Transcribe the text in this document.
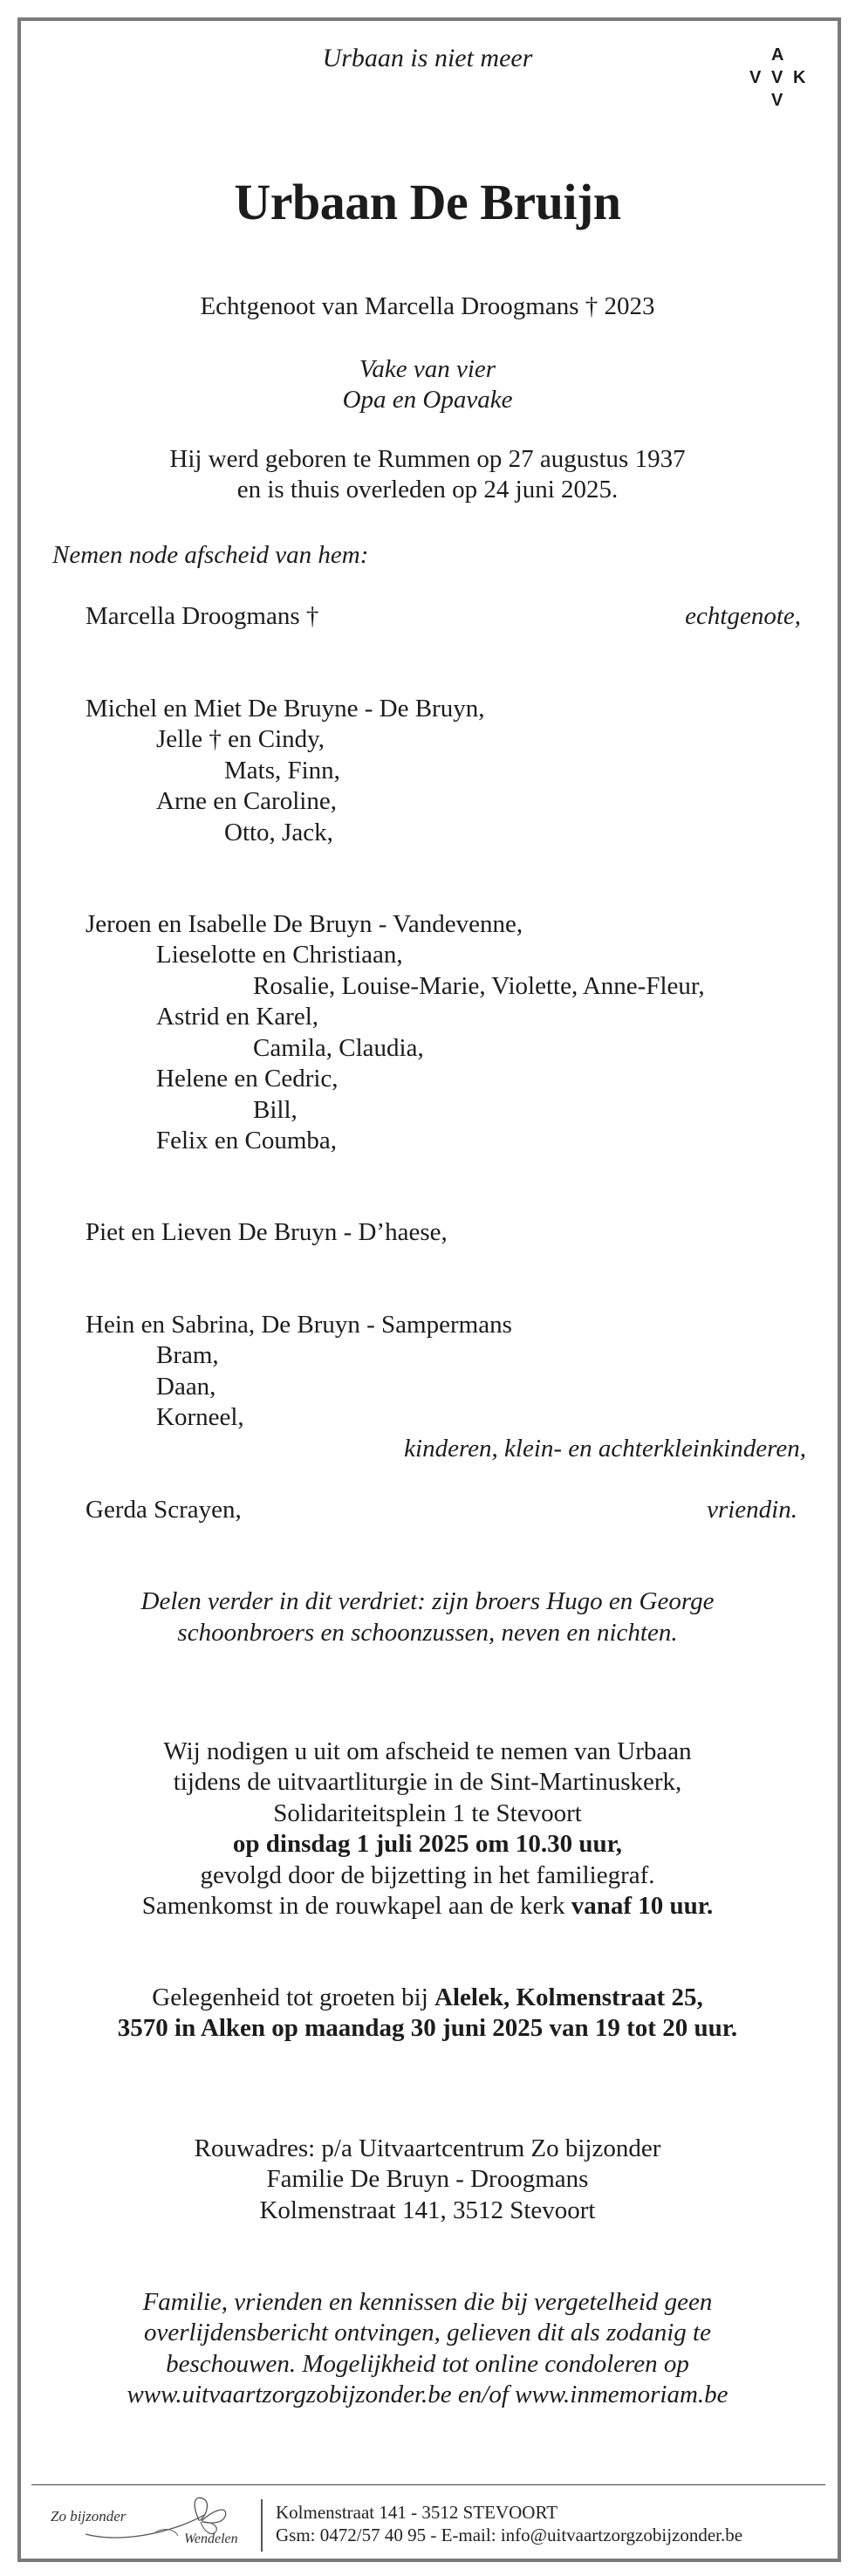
Urbaan is niet meer	A
V V K
V
Urbaan De Bruijn

Echtgenoot van Marcella Droogmans † 2023

Vake van vier

Opa en Opavake

Hij werd geboren te Rummen op 27 augustus 1937

en is thuis overleden op 24 juni 2025.

Nemen node afscheid van hem:

Marcella Droogmans †	echtgenote,

Michel en Miet De Bruyne - De Bruyn,

Jelle † en Cindy,

Mats, Finn,

Arne en Caroline,

Otto, Jack,

Jeroen en Isabelle De Bruyn - Vandevenne,

Lieselotte en Christiaan,

Rosalie, Louise-Marie, Violette, Anne-Fleur,

Astrid en Karel,

Camila, Claudia,

Helene en Cedric,

Bill,

Felix en Coumba,

Piet en Lieven De Bruyn - D’haese,

Hein en Sabrina, De Bruyn - Sampermans

Bram,

Daan,

Korneel,

kinderen, klein- en achterkleinkinderen,

Gerda Scrayen,	vriendin.

Delen verder in dit verdriet: zijn broers Hugo en George

schoonbroers en schoonzussen, neven en nichten.

Wij nodigen u uit om afscheid te nemen van Urbaan

tijdens de uitvaartliturgie in de Sint-Martinuskerk,

Solidariteitsplein 1 te Stevoort

op dinsdag 1 juli 2025 om 10.30 uur,

gevolgd door de bijzetting in het familiegraf.

Samenkomst in de rouwkapel aan de kerk vanaf 10 uur.

Gelegenheid tot groeten bij Alelek, Kolmenstraat 25,

3570 in Alken op maandag 30 juni 2025 van 19 tot 20 uur.

Rouwadres: p/a Uitvaartcentrum Zo bijzonder

Familie De Bruyn - Droogmans

Kolmenstraat 141, 3512 Stevoort

Familie, vrienden en kennissen die bij vergetelheid geen

overlijdensbericht ontvingen, gelieven dit als zodanig te

beschouwen. Mogelijkheid tot online condoleren op

www.uitvaartzorgzobijzonder.be en/of www.inmemoriam.be

Zo bijzonder
Wendelen
Kolmenstraat 141 - 3512 STEVOORT
Gsm: 0472/57 40 95 - E-mail: info@uitvaartzorgzobijzonder.be
